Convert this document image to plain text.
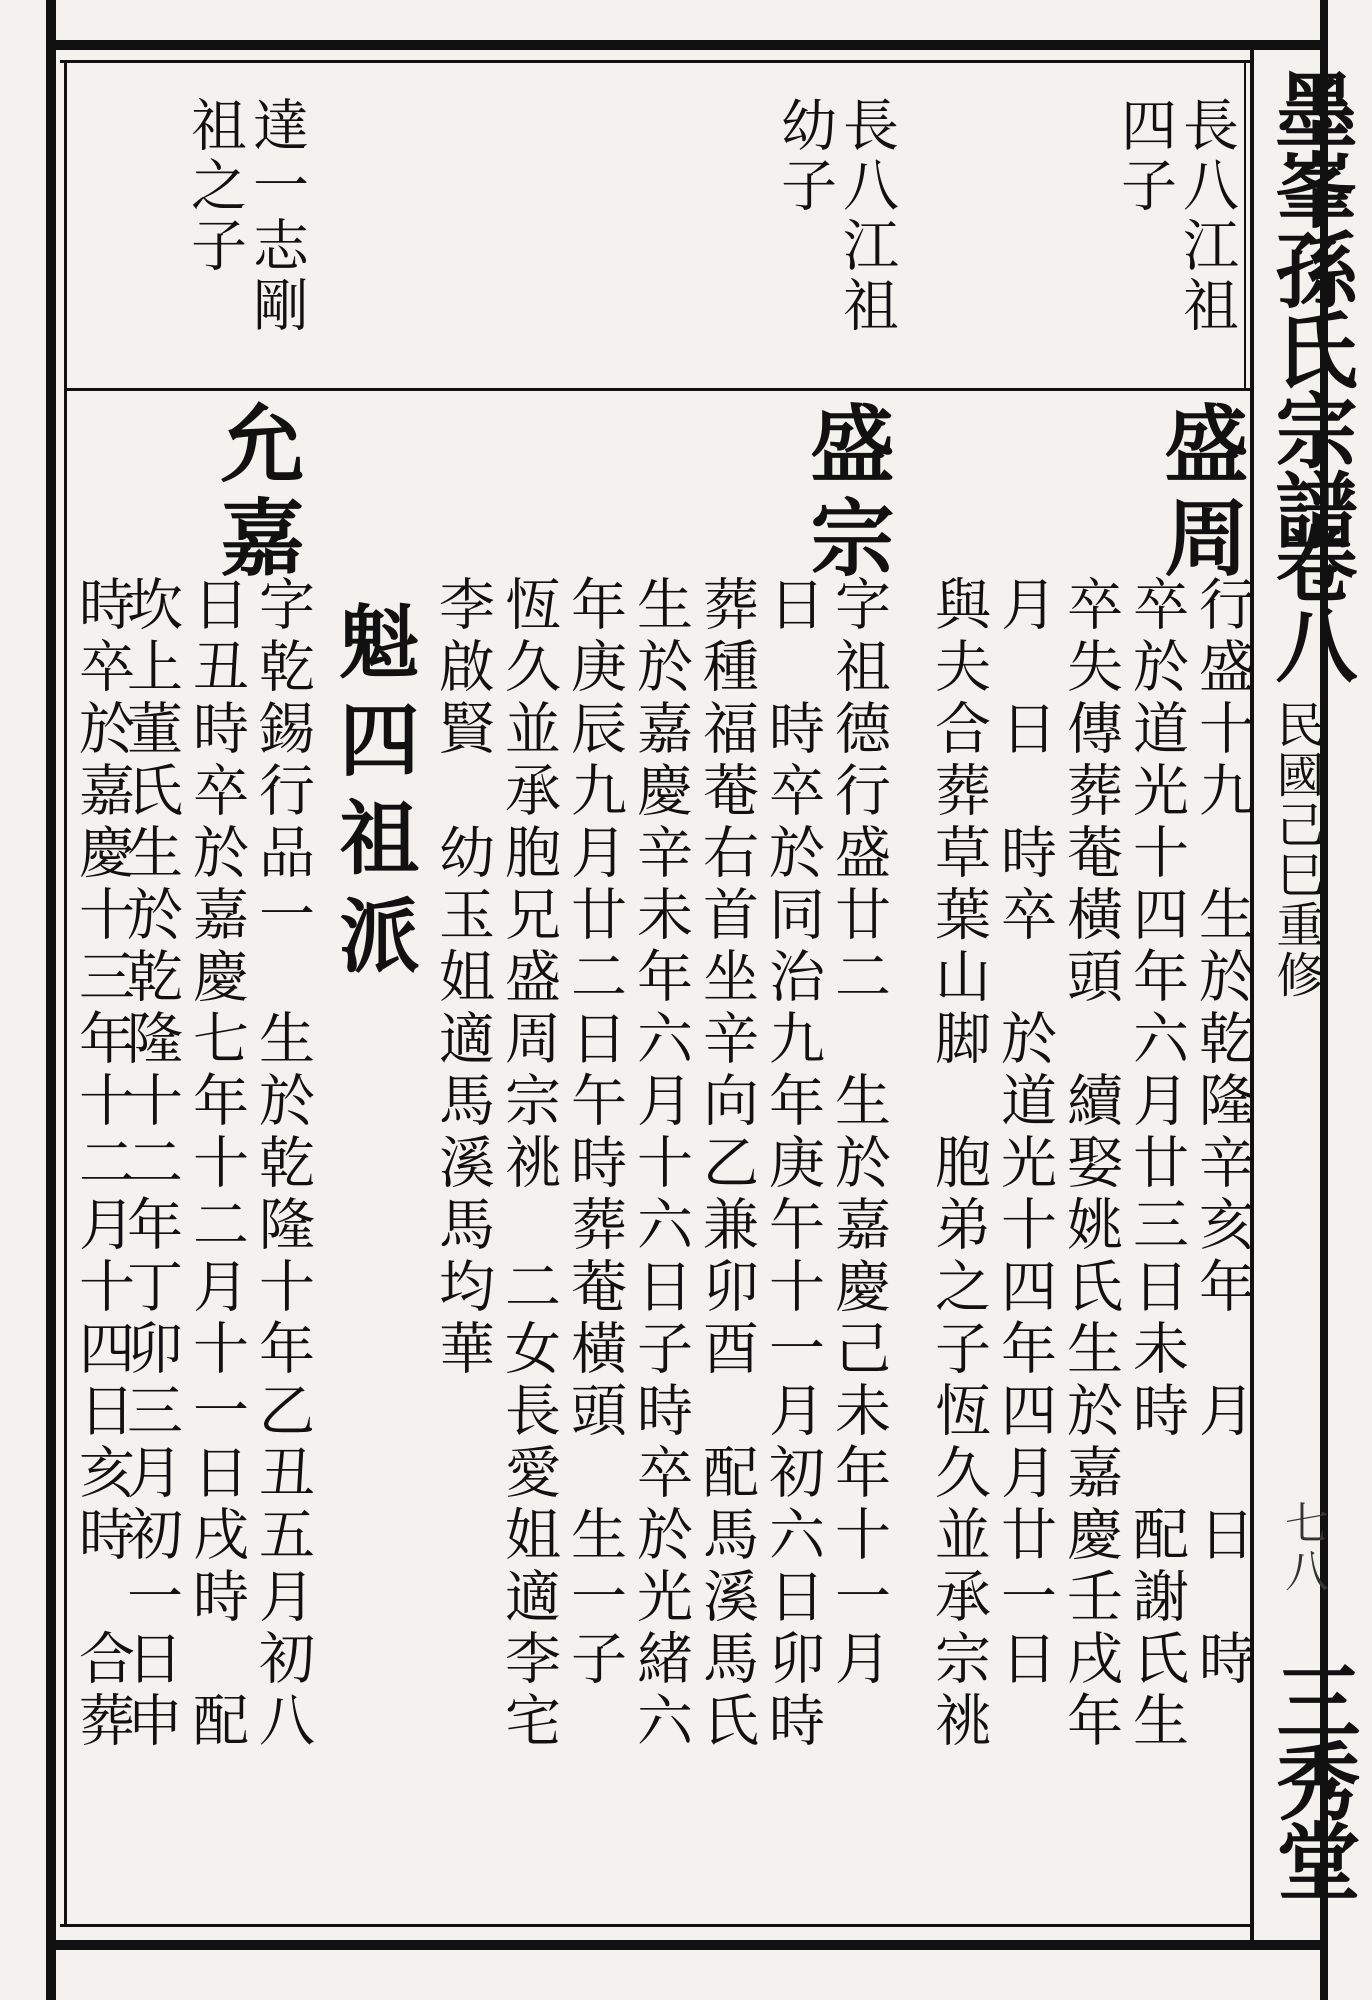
墨峯孫氏宗譜
卷八
民國己巳重修
七八
三秀堂
長八江祖
四子
長八江祖
幼子
達一志剛
祖之子
盛周
行盛十九　生於乾隆辛亥年　月　日　時
卒於道光十四年六月廿三日未時　配謝氏生
卒失傳葬菴橫頭　續娶姚氏生於嘉慶壬戌年
月　日　時卒　於道光十四年四月廿一日
與夫合葬草葉山脚　胞弟之子恆久並承宗祧
盛宗
字祖德行盛廿二　生於嘉慶己未年十一月
日　時卒於同治九年庚午十一月初六日卯時
葬種福菴右首坐辛向乙兼卯酉　配馬溪馬氏
生於嘉慶辛未年六月十六日子時卒於光緒六
年庚辰九月廿二日午時葬菴橫頭　生一子
恆久並承胞兄盛周宗祧　二女長愛姐適李宅
李啟賢　幼玉姐適馬溪馬均華
魁四祖派
允嘉
字乾錫行品一　生於乾隆十年乙丑五月初八
日丑時卒於嘉慶七年十二月十一日戌時　配
坎上董氏生於乾隆十二年丁卯三月初一日申
時卒於嘉慶十三年十二月十四日亥時　合葬
